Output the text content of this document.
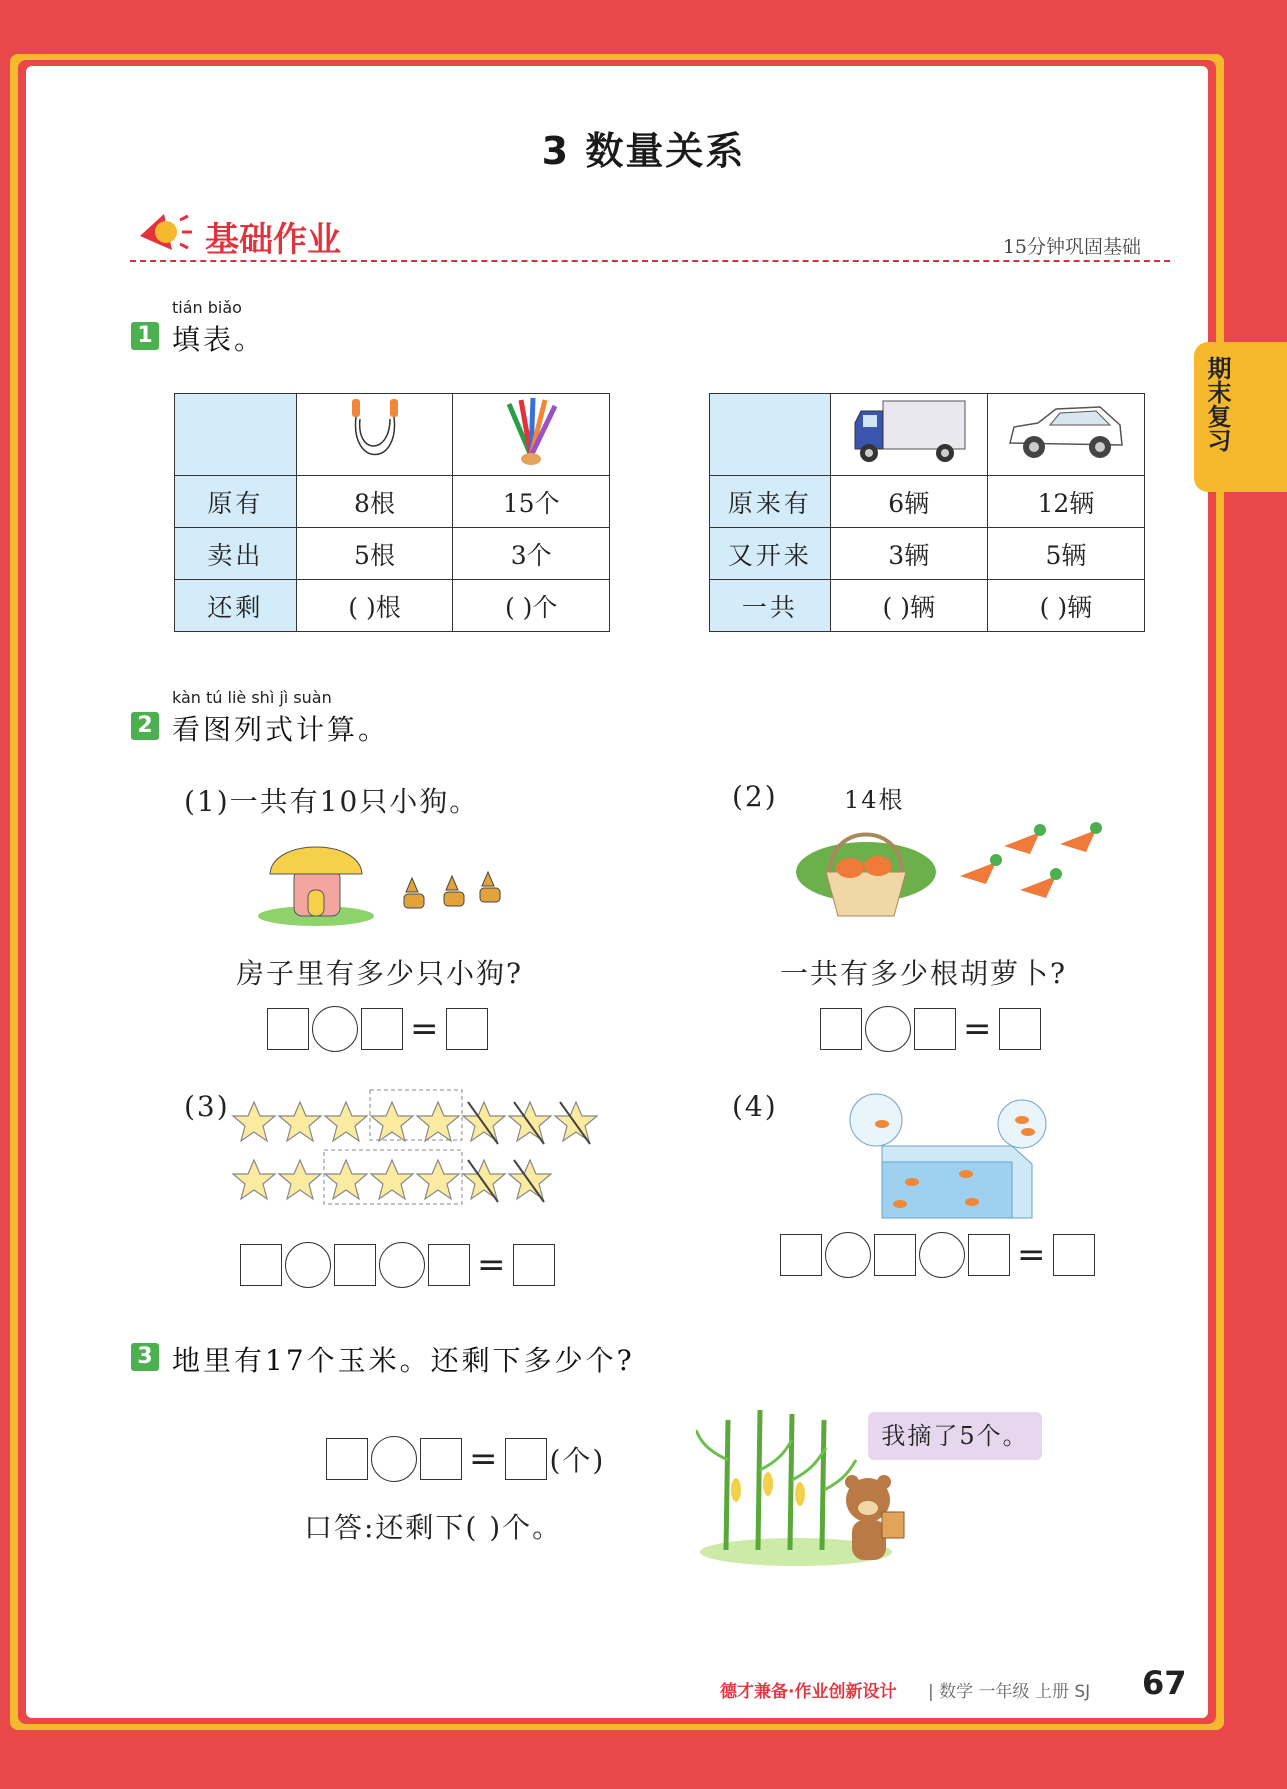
期末复习
3 数量关系
基础作业	15分钟巩固基础
tián biǎo
1 填表。

原有	8根	15个
卖出	5根	3个
还剩	( )根	( )个

原来有	6辆	12辆
又开来	3辆	5辆
一共	( )辆	( )辆
kàn tú liè shì jì suàn
2 看图列式计算。
(1)一共有10只小狗。
房子里有多少只小狗?
=
(2)	14根
一共有多少根胡萝卜?
=
(3)
=
(4)
=
3 地里有17个玉米。还剩下多少个?
= (个)
口答:还剩下( )个。
我摘了5个。
德才兼备·作业创新设计 | 数学 一年级 上册 SJ 67
